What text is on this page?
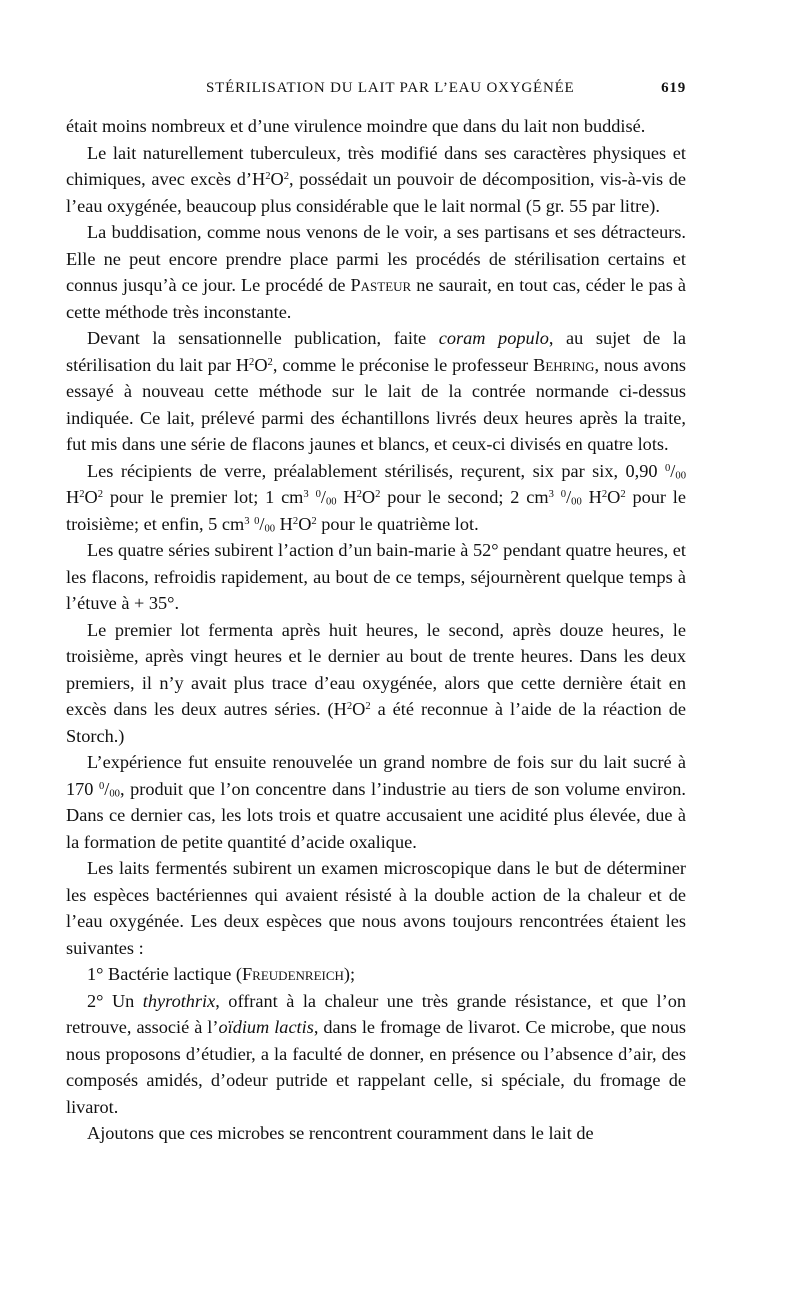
STÉRILISATION DU LAIT PAR L’EAU OXYGÉNÉE	619

était moins nombreux et d’une virulence moindre que dans du lait non buddisé.

Le lait naturellement tuberculeux, très modifié dans ses caractères physiques et chimiques, avec excès $d’H^2O^2$, possédait un pouvoir de décomposition, vis-à-vis de l’eau oxygénée, beaucoup plus considérable que le lait normal (5 gr. 55 par litre).

La buddisation, comme nous venons de le voir, a ses partisans et ses détracteurs. Elle ne peut encore prendre place parmi les procédés de stérilisation certains et connus jusqu’à ce jour. Le procédé de Pasteur ne saurait, en tout cas, céder le pas à cette méthode très inconstante.

Devant la sensationnelle publication, faite coram populo, au sujet de la stérilisation du lait par $H^2O^2$, comme le préconise le professeur Behring, nous avons essayé à nouveau cette méthode sur le lait de la contrée normande ci-dessus indiquée. Ce lait, prélevé parmi des échantillons livrés deux heures après la traite, fut mis dans une série de flacons jaunes et blancs, et ceux-ci divisés en quatre lots.

Les récipients de verre, préalablement stérilisés, reçurent, six par six, 0,90 $^0/_{00}$ $H^2O^2$ pour le premier lot; 1 $cm^3$ $^0/_{00}$ $H^2O^2$ pour le second; 2 $cm^3$ $^0/_{00}$ $H^2O^2$ pour le troisième; et enfin, 5 $cm^3$ $^0/_{00}$ $H^2O^2$ pour le quatrième lot.

Les quatre séries subirent l’action d’un bain-marie à 52° pendant quatre heures, et les flacons, refroidis rapidement, au bout de ce temps, séjournèrent quelque temps à l’étuve à + 35°.

Le premier lot fermenta après huit heures, le second, après douze heures, le troisième, après vingt heures et le dernier au bout de trente heures. Dans les deux premiers, il n’y avait plus trace d’eau oxygénée, alors que cette dernière était en excès dans les deux autres séries. ($H^2O^2$ a été reconnue à l’aide de la réaction de Storch.)

L’expérience fut ensuite renouvelée un grand nombre de fois sur du lait sucré à 170 $^0/_{00}$, produit que l’on concentre dans l’industrie au tiers de son volume environ. Dans ce dernier cas, les lots trois et quatre accusaient une acidité plus élevée, due à la formation de petite quantité d’acide oxalique.

Les laits fermentés subirent un examen microscopique dans le but de déterminer les espèces bactériennes qui avaient résisté à la double action de la chaleur et de l’eau oxygénée. Les deux espèces que nous avons toujours rencontrées étaient les suivantes :

1° Bactérie lactique (Freudenreich);

2° Un thyrothrix, offrant à la chaleur une très grande résistance, et que l’on retrouve, associé à l’oïdium lactis, dans le fromage de livarot. Ce microbe, que nous nous proposons d’étudier, a la faculté de donner, en présence ou l’absence d’air, des composés amidés, d’odeur putride et rappelant celle, si spéciale, du fromage de livarot.

Ajoutons que ces microbes se rencontrent couramment dans le lait de
